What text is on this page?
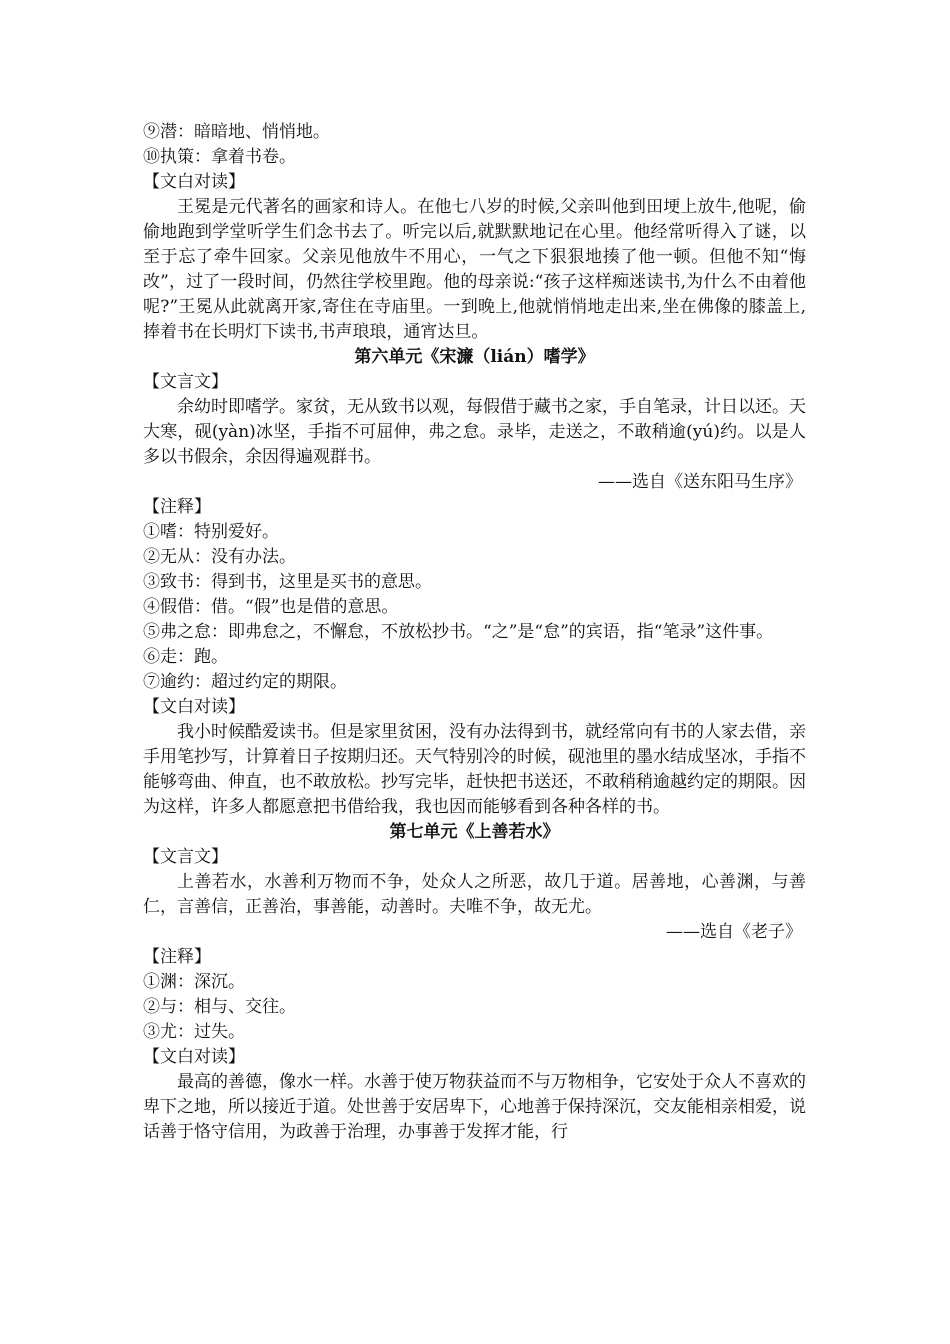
⑨潜：暗暗地、悄悄地。

⑩执策：拿着书卷。

【文白对读】

王冕是元代著名的画家和诗人。在他七八岁的时候,父亲叫他到田埂上放牛,他呢，偷偷地跑到学堂听学生们念书去了。听完以后,就默默地记在心里。他经常听得入了谜，以至于忘了牵牛回家。父亲见他放牛不用心，一气之下狠狠地揍了他一顿。但他不知“悔改”，过了一段时间，仍然往学校里跑。他的母亲说:“孩子这样痴迷读书,为什么不由着他呢?”王冕从此就离开家,寄住在寺庙里。一到晚上,他就悄悄地走出来,坐在佛像的膝盖上,捧着书在长明灯下读书,书声琅琅，通宵达旦。

第六单元《宋濂（lián）嗜学》

【文言文】

余幼时即嗜学。家贫，无从致书以观，每假借于藏书之家，手自笔录，计日以还。天大寒，砚(yàn)冰坚，手指不可屈伸，弗之怠。录毕，走送之，不敢稍逾(yú)约。以是人多以书假余，余因得遍观群书。

——选自《送东阳马生序》

【注释】

①嗜：特别爱好。

②无从：没有办法。

③致书：得到书，这里是买书的意思。

④假借：借。“假”也是借的意思。

⑤弗之怠：即弗怠之，不懈怠，不放松抄书。“之”是“怠”的宾语，指“笔录”这件事。

⑥走：跑。

⑦逾约：超过约定的期限。

【文白对读】

我小时候酷爱读书。但是家里贫困，没有办法得到书，就经常向有书的人家去借，亲手用笔抄写，计算着日子按期归还。天气特别冷的时候，砚池里的墨水结成坚冰，手指不能够弯曲、伸直，也不敢放松。抄写完毕，赶快把书送还，不敢稍稍逾越约定的期限。因为这样，许多人都愿意把书借给我，我也因而能够看到各种各样的书。

第七单元《上善若水》

【文言文】

上善若水，水善利万物而不争，处众人之所恶，故几于道。居善地，心善渊，与善仁，言善信，正善治，事善能，动善时。夫唯不争，故无尤。

——选自《老子》

【注释】

①渊：深沉。

②与：相与、交往。

③尤：过失。

【文白对读】

最高的善德，像水一样。水善于使万物获益而不与万物相争，它安处于众人不喜欢的卑下之地，所以接近于道。处世善于安居卑下，心地善于保持深沉，交友能相亲相爱，说话善于恪守信用，为政善于治理，办事善于发挥才能，行
